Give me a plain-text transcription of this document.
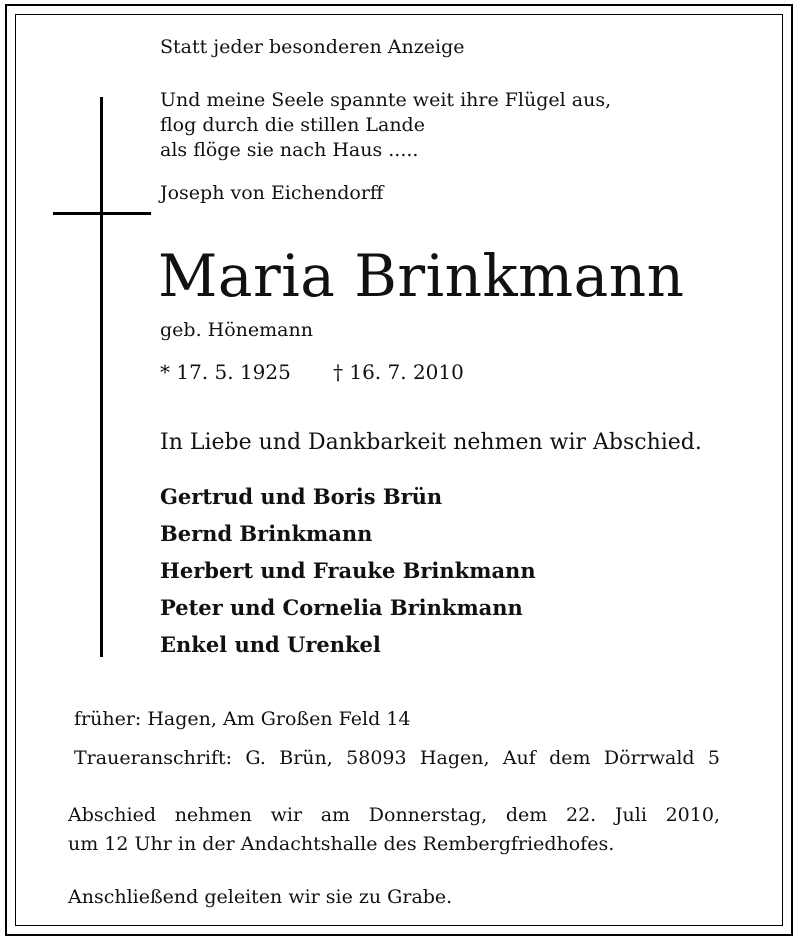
Statt jeder besonderen Anzeige
Und meine Seele spannte weit ihre Flügel aus,
flog durch die stillen Lande
als flöge sie nach Haus .....
Joseph von Eichendorff
Maria Brinkmann
geb. Hönemann
* 17. 5. 1925 † 16. 7. 2010
In Liebe und Dankbarkeit nehmen wir Abschied.
Gertrud und Boris Brün
Bernd Brinkmann
Herbert und Frauke Brinkmann
Peter und Cornelia Brinkmann
Enkel und Urenkel
früher: Hagen, Am Großen Feld 14
Traueranschrift: G. Brün, 58093 Hagen, Auf dem Dörrwald 5
Abschied nehmen wir am Donnerstag, dem 22. Juli 2010,
um 12 Uhr in der Andachtshalle des Rembergfriedhofes.
Anschließend geleiten wir sie zu Grabe.
